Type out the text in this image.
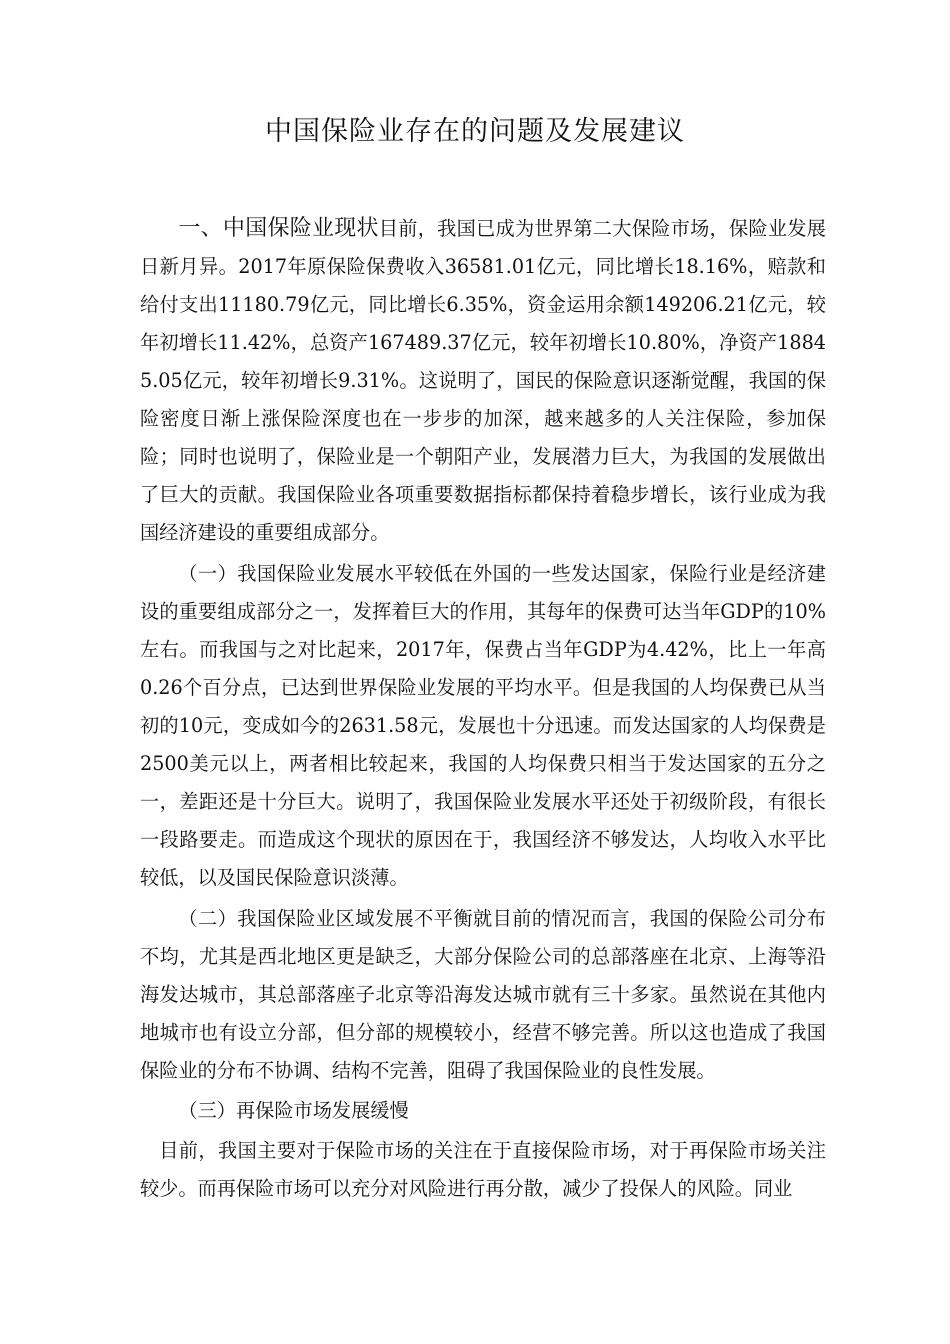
中国保险业存在的问题及发展建议

一、中国保险业现状目前，我国已成为世界第二大保险市场，保险业发展日新月异。2017年原保险保费收入36581.01亿元，同比增长18.16%，赔款和给付支出11180.79亿元，同比增长6.35%，资金运用余额149206.21亿元，较年初增长11.42%，总资产167489.37亿元，较年初增长10.80%，净资产18845.05亿元，较年初增长9.31%。这说明了，国民的保险意识逐渐觉醒，我国的保险密度日渐上涨保险深度也在一步步的加深，越来越多的人关注保险，参加保险；同时也说明了，保险业是一个朝阳产业，发展潜力巨大，为我国的发展做出了巨大的贡献。我国保险业各项重要数据指标都保持着稳步增长，该行业成为我国经济建设的重要组成部分。

（一）我国保险业发展水平较低在外国的一些发达国家，保险行业是经济建设的重要组成部分之一，发挥着巨大的作用，其每年的保费可达当年GDP的10%左右。而我国与之对比起来，2017年，保费占当年GDP为4.42%，比上一年高0.26个百分点，已达到世界保险业发展的平均水平。但是我国的人均保费已从当初的10元，变成如今的2631.58元，发展也十分迅速。而发达国家的人均保费是2500美元以上，两者相比较起来，我国的人均保费只相当于发达国家的五分之一，差距还是十分巨大。说明了，我国保险业发展水平还处于初级阶段，有很长一段路要走。而造成这个现状的原因在于，我国经济不够发达，人均收入水平比较低，以及国民保险意识淡薄。

（二）我国保险业区域发展不平衡就目前的情况而言，我国的保险公司分布不均，尤其是西北地区更是缺乏，大部分保险公司的总部落座在北京、上海等沿海发达城市，其总部落座子北京等沿海发达城市就有三十多家。虽然说在其他内地城市也有设立分部，但分部的规模较小，经营不够完善。所以这也造成了我国保险业的分布不协调、结构不完善，阻碍了我国保险业的良性发展。

（三）再保险市场发展缓慢

目前，我国主要对于保险市场的关注在于直接保险市场，对于再保险市场关注较少。而再保险市场可以充分对风险进行再分散，减少了投保人的风险。同业
